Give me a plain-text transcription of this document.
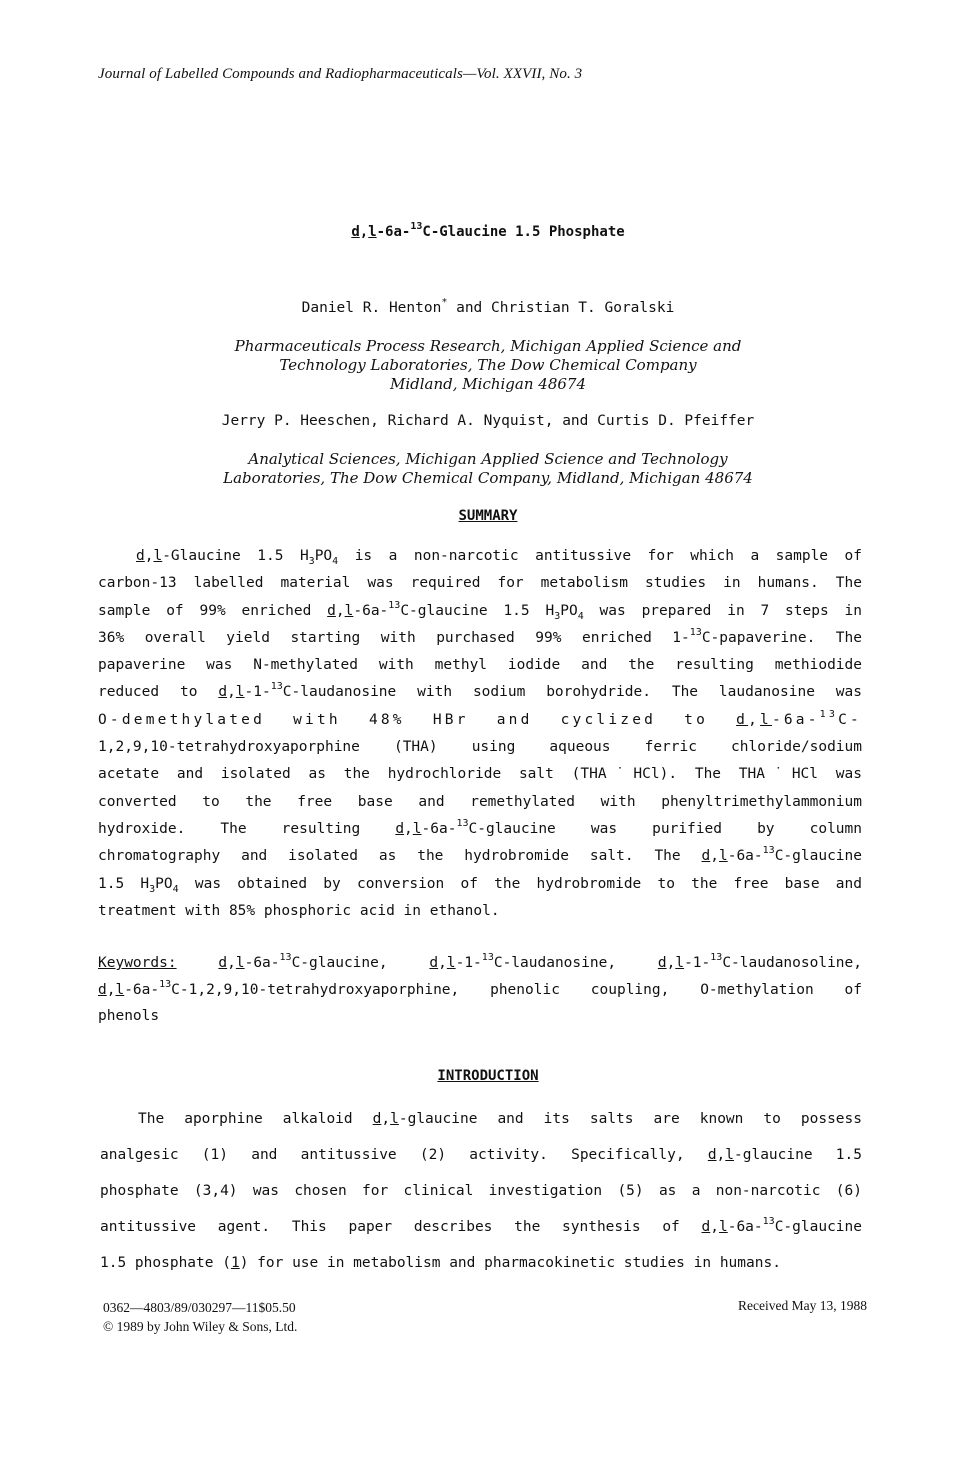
Journal of Labelled Compounds and Radiopharmaceuticals—Vol. XXVII, No. 3
d,l-6a-$^{13}$C-Glaucine 1.5 Phosphate
Daniel R. Henton* and Christian T. Goralski
Pharmaceuticals Process Research, Michigan Applied Science and
Technology Laboratories, The Dow Chemical Company
Midland, Michigan 48674
Jerry P. Heeschen, Richard A. Nyquist, and Curtis D. Pfeiffer
Analytical Sciences, Michigan Applied Science and Technology
Laboratories, The Dow Chemical Company, Midland, Michigan 48674
SUMMARY
d,l-Glaucine 1.5 $H_3PO_4$ is a non-narcotic antitussive for which a sample of
carbon-13 labelled material was required for metabolism studies in humans. The
sample of 99% enriched d,l-6a-$^{13}$C-glaucine 1.5 $H_3PO_4$ was prepared in 7 steps in
36% overall yield starting with purchased 99% enriched 1-$^{13}$C-papaverine. The
papaverine was N-methylated with methyl iodide and the resulting methiodide
reduced to d,l-1-$^{13}$C-laudanosine with sodium borohydride. The laudanosine was
O-demethylated with 48% HBr and cyclized to d,l-6a-$^{13}$C-
1,2,9,10-tetrahydroxyaporphine (THA) using aqueous ferric chloride/sodium
acetate and isolated as the hydrochloride salt (THA˙HCl). The THA˙HCl was
converted to the free base and remethylated with phenyltrimethylammonium
hydroxide. The resulting d,l-6a-$^{13}$C-glaucine was purified by column
chromatography and isolated as the hydrobromide salt. The d,l-6a-$^{13}$C-glaucine
1.5 $H_3PO_4$ was obtained by conversion of the hydrobromide to the free base and
treatment with 85% phosphoric acid in ethanol.
Keywords:	d,l-6a-$^{13}$C-glaucine, d,l-1-$^{13}$C-laudanosine, d,l-1-$^{13}$C-laudanosoline,
d,l-6a-$^{13}$C-1,2,9,10-tetrahydroxyaporphine, phenolic coupling, O-methylation of
phenols
INTRODUCTION
The aporphine alkaloid d,l-glaucine and its salts are known to possess
analgesic (1) and antitussive (2) activity. Specifically, d,l-glaucine 1.5
phosphate (3,4) was chosen for clinical investigation (5) as a non-narcotic (6)
antitussive agent. This paper describes the synthesis of d,l-6a-$^{13}$C-glaucine
1.5 phosphate (1) for use in metabolism and pharmacokinetic studies in humans.
0362—4803/89/030297—11$05.50
© 1989 by John Wiley & Sons, Ltd.
Received May 13, 1988
